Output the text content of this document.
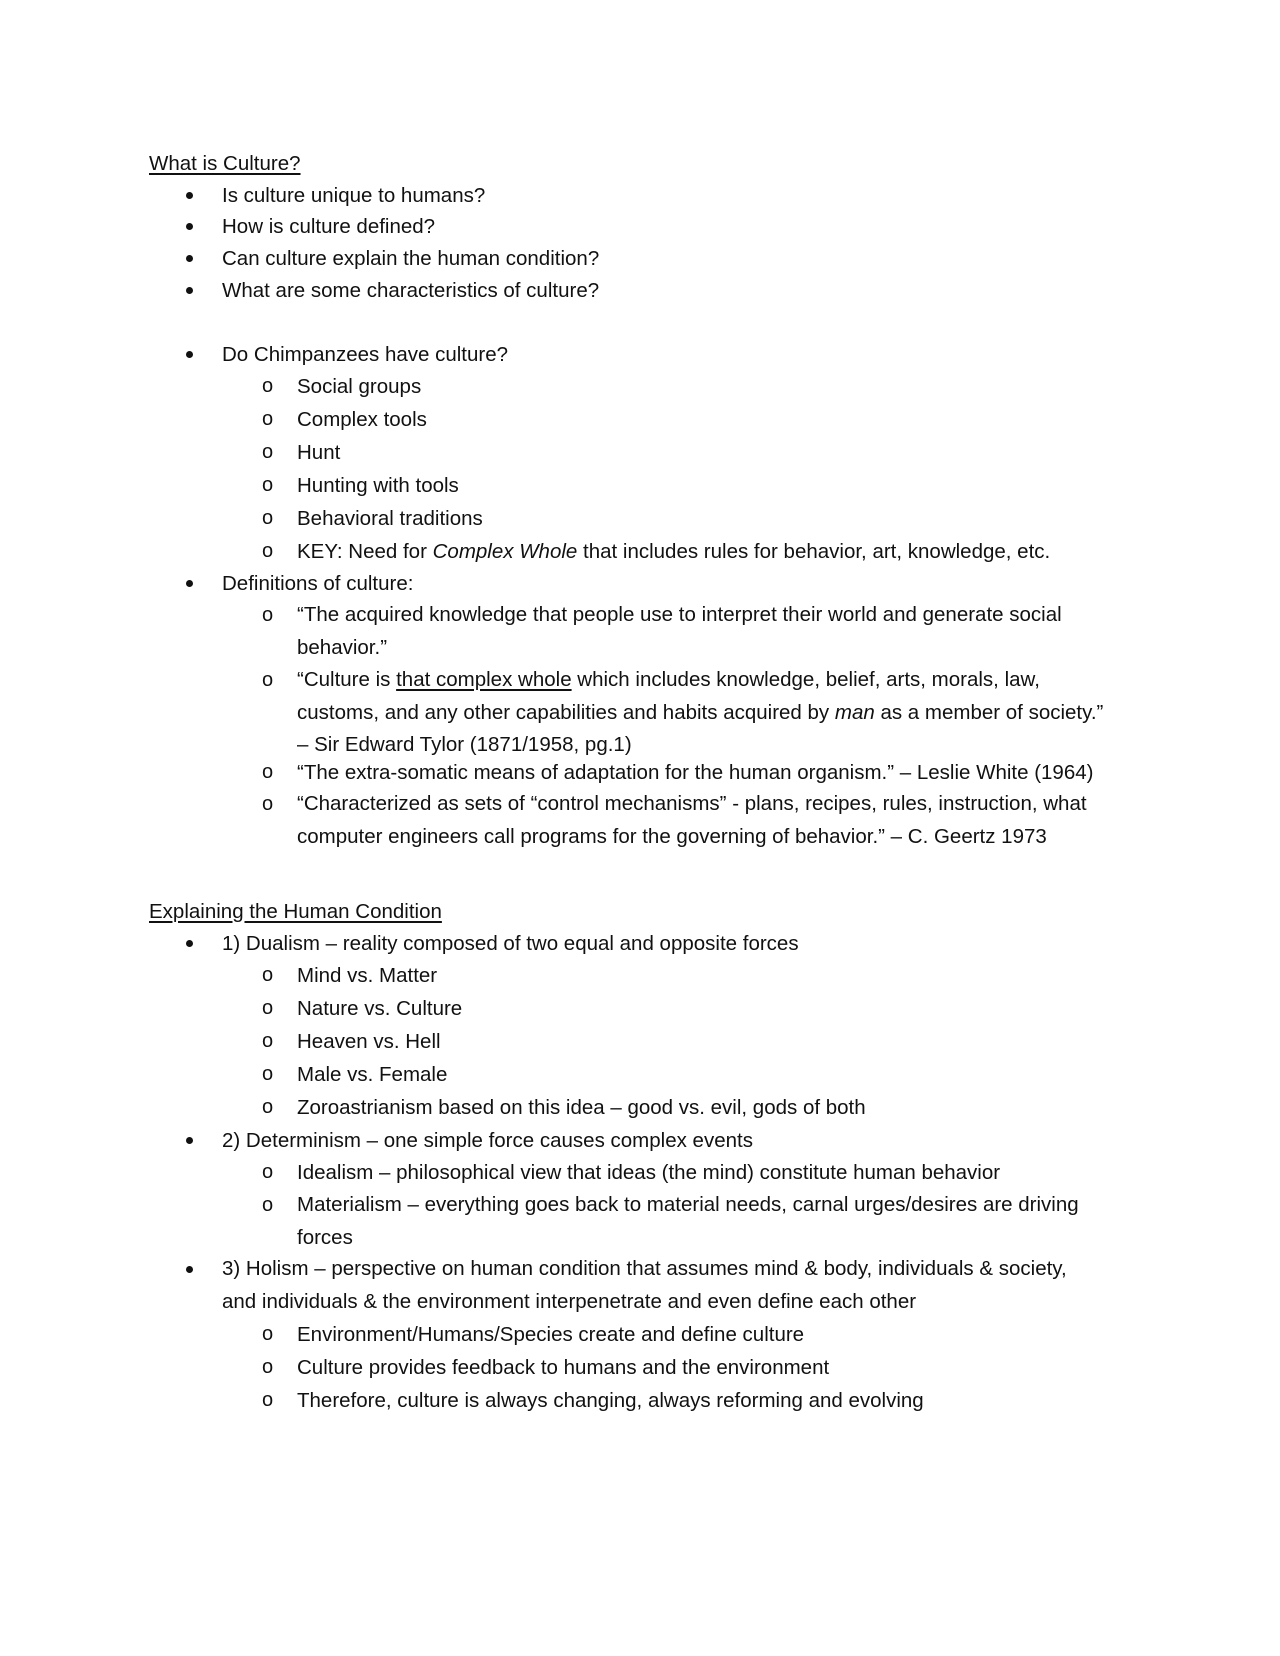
What is Culture?
Is culture unique to humans?
How is culture defined?
Can culture explain the human condition?
What are some characteristics of culture?
Do Chimpanzees have culture?
o Social groups
o Complex tools
o Hunt
o Hunting with tools
o Behavioral traditions
o KEY: Need for Complex Whole that includes rules for behavior, art, knowledge, etc.
Definitions of culture:
o “The acquired knowledge that people use to interpret their world and generate social behavior.”
o “Culture is that complex whole which includes knowledge, belief, arts, morals, law, customs, and any other capabilities and habits acquired by man as a member of society.” – Sir Edward Tylor (1871/1958, pg.1)
o “The extra-somatic means of adaptation for the human organism.” – Leslie White (1964)
o “Characterized as sets of “control mechanisms” - plans, recipes, rules, instruction, what computer engineers call programs for the governing of behavior.” – C. Geertz 1973
Explaining the Human Condition
1) Dualism – reality composed of two equal and opposite forces
o Mind vs. Matter
o Nature vs. Culture
o Heaven vs. Hell
o Male vs. Female
o Zoroastrianism based on this idea – good vs. evil, gods of both
2) Determinism – one simple force causes complex events
o Idealism – philosophical view that ideas (the mind) constitute human behavior
o Materialism – everything goes back to material needs, carnal urges/desires are driving forces
3) Holism – perspective on human condition that assumes mind & body, individuals & society, and individuals & the environment interpenetrate and even define each other
o Environment/Humans/Species create and define culture
o Culture provides feedback to humans and the environment
o Therefore, culture is always changing, always reforming and evolving
